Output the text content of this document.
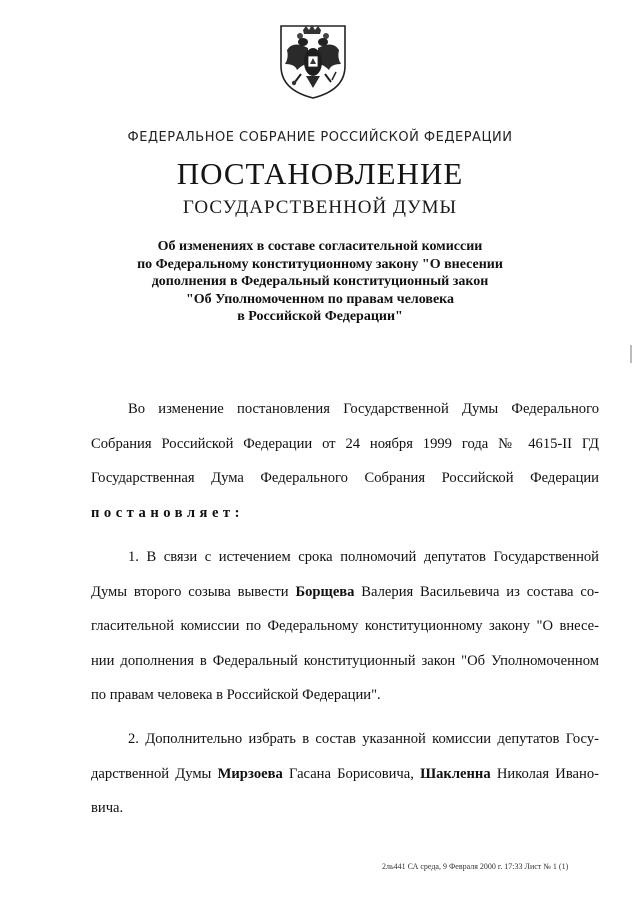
ФЕДЕРАЛЬНОЕ СОБРАНИЕ РОССИЙСКОЙ ФЕДЕРАЦИИ
ПОСТАНОВЛЕНИЕ
ГОСУДАРСТВЕННОЙ ДУМЫ
Об изменениях в составе согласительной комиссии
по Федеральному конституционному закону "О внесении
дополнения в Федеральный конституционный закон
"Об Уполномоченном по правам человека
в Российской Федерации"
Во изменение постановления Государственной Думы Федерального
Собрания Российской Федерации от 24 ноября 1999 года № 4615-II ГД
Государственная Дума Федерального Собрания Российской Федерации
постановляет:
1. В связи с истечением срока полномочий депутатов Государственной
Думы второго созыва вывести Борщева Валерия Васильевича из состава со-
гласительной комиссии по Федеральному конституционному закону "О внесе-
нии дополнения в Федеральный конституционный закон "Об Уполномоченном
по правам человека в Российской Федерации".
2. Дополнительно избрать в состав указанной комиссии депутатов Госу-
дарственной Думы Мирзоева Гасана Борисовича, Шакленна Николая Ивано-
вича.
2ль441 СА среда, 9 Февраля 2000 г. 17:33 Лист № 1 (1)
